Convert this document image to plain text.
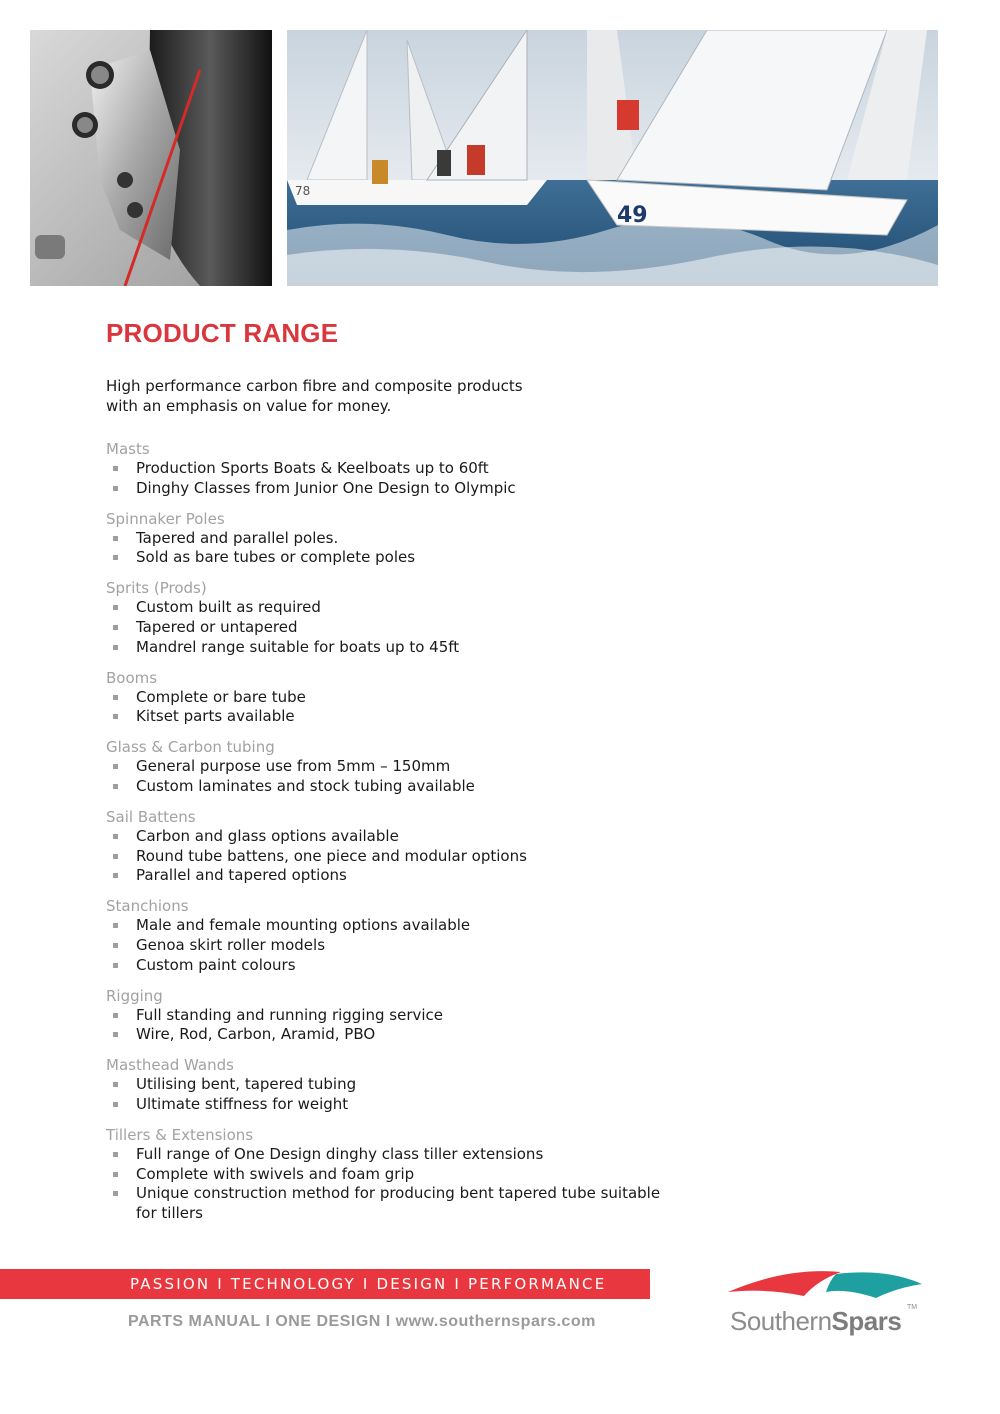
49
78
PRODUCT RANGE

High performance carbon fibre and composite products with an emphasis on value for money.

Masts
Production Sports Boats & Keelboats up to 60ft
Dinghy Classes from Junior One Design to Olympic
Spinnaker Poles
Tapered and parallel poles.
Sold as bare tubes or complete poles
Sprits (Prods)
Custom built as required
Tapered or untapered
Mandrel range suitable for boats up to 45ft
Booms
Complete or bare tube
Kitset parts available
Glass & Carbon tubing
General purpose use from 5mm – 150mm
Custom laminates and stock tubing available
Sail Battens
Carbon and glass options available
Round tube battens, one piece and modular options
Parallel and tapered options
Stanchions
Male and female mounting options available
Genoa skirt roller models
Custom paint colours
Rigging
Full standing and running rigging service
Wire, Rod, Carbon, Aramid, PBO
Masthead Wands
Utilising bent, tapered tubing
Ultimate stiffness for weight
Tillers & Extensions
Full range of One Design dinghy class tiller extensions
Complete with swivels and foam grip
Unique construction method for producing bent tapered tube suitable for tillers
PASSION I TECHNOLOGY I DESIGN I PERFORMANCE
PARTS MANUAL I ONE DESIGN I www.southernspars.com	SouthernSpars TM
